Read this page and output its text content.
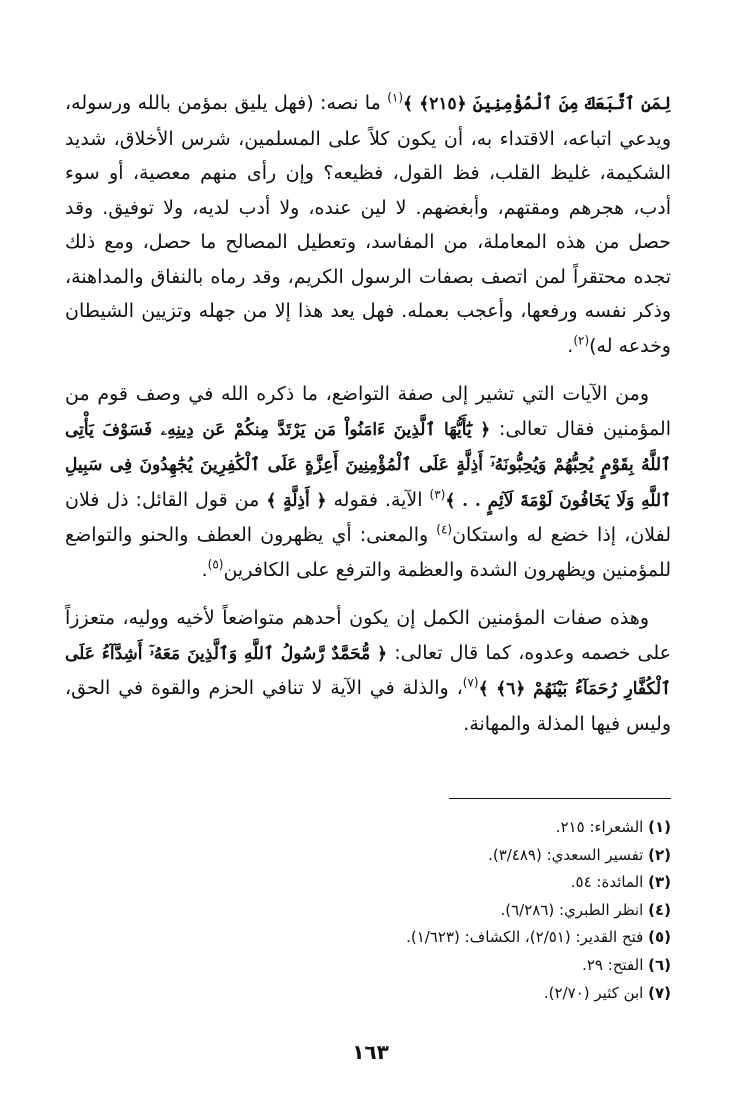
لِمَنِ ٱتَّبَعَكَ مِنَ ٱلْمُؤْمِنِينَ ﴿٢١٥﴾ ﴾$^{(١)}$ ما نصه: (فهل يليق بمؤمن بالله ورسوله، ويدعي اتباعه، الاقتداء به، أن يكون كلاً على المسلمين، شرس الأخلاق، شديد الشكيمة، غليظ القلب، فظ القول، فظيعه؟ وإن رأى منهم معصية، أو سوء أدب، هجرهم ومقتهم، وأبغضهم. لا لين عنده، ولا أدب لديه، ولا توفيق. وقد حصل من هذه المعاملة، من المفاسد، وتعطيل المصالح ما حصل، ومع ذلك تجده محتقراً لمن اتصف بصفات الرسول الكريم، وقد رماه بالنفاق والمداهنة، وذكر نفسه ورفعها، وأعجب بعمله. فهل يعد هذا إلا من جهله وتزيين الشيطان وخدعه له)$^{(٢)}$.

ومن الآيات التي تشير إلى صفة التواضع، ما ذكره الله في وصف قوم من المؤمنين فقال تعالى: ﴿ يَٰٓأَيُّهَا ٱلَّذِينَ ءَامَنُواْ مَن يَرْتَدَّ مِنكُمْ عَن دِينِهِۦ فَسَوْفَ يَأْتِى ٱللَّهُ بِقَوْمٍ يُحِبُّهُمْ وَيُحِبُّونَهُۥٓ أَذِلَّةٍ عَلَى ٱلْمُؤْمِنِينَ أَعِزَّةٍ عَلَى ٱلْكَٰفِرِينَ يُجَٰهِدُونَ فِى سَبِيلِ ٱللَّهِ وَلَا يَخَافُونَ لَوْمَةَ لَآئِمٍ . . ﴾$^{(٣)}$ الآية. فقوله ﴿ أَذِلَّةٍ ﴾ من قول القائل: ذل فلان لفلان، إذا خضع له واستكان$^{(٤)}$ والمعنى: أي يظهرون العطف والحنو والتواضع للمؤمنين ويظهرون الشدة والعظمة والترفع على الكافرين$^{(٥)}$.

وهذه صفات المؤمنين الكمل إن يكون أحدهم متواضعاً لأخيه ووليه، متعززاً على خصمه وعدوه، كما قال تعالى: ﴿ مُّحَمَّدٌ رَّسُولُ ٱللَّهِ وَٱلَّذِينَ مَعَهُۥٓ أَشِدَّآءُ عَلَى ٱلْكُفَّارِ رُحَمَآءُ بَيْنَهُمْ ﴿٦﴾ ﴾$^{(٧)}$، والذلة في الآية لا تنافي الحزم والقوة في الحق، وليس فيها المذلة والمهانة.

(١) الشعراء: ٢١٥.
(٢) تفسير السعدي: (٣/٤٨٩).
(٣) المائدة: ٥٤.
(٤) انظر الطبري: (٦/٢٨٦).
(٥) فتح القدير: (٢/٥١)، الكشاف: (١/٦٢٣).
(٦) الفتح: ٢٩.
(٧) ابن كثير (٢/٧٠).
١٦٣
